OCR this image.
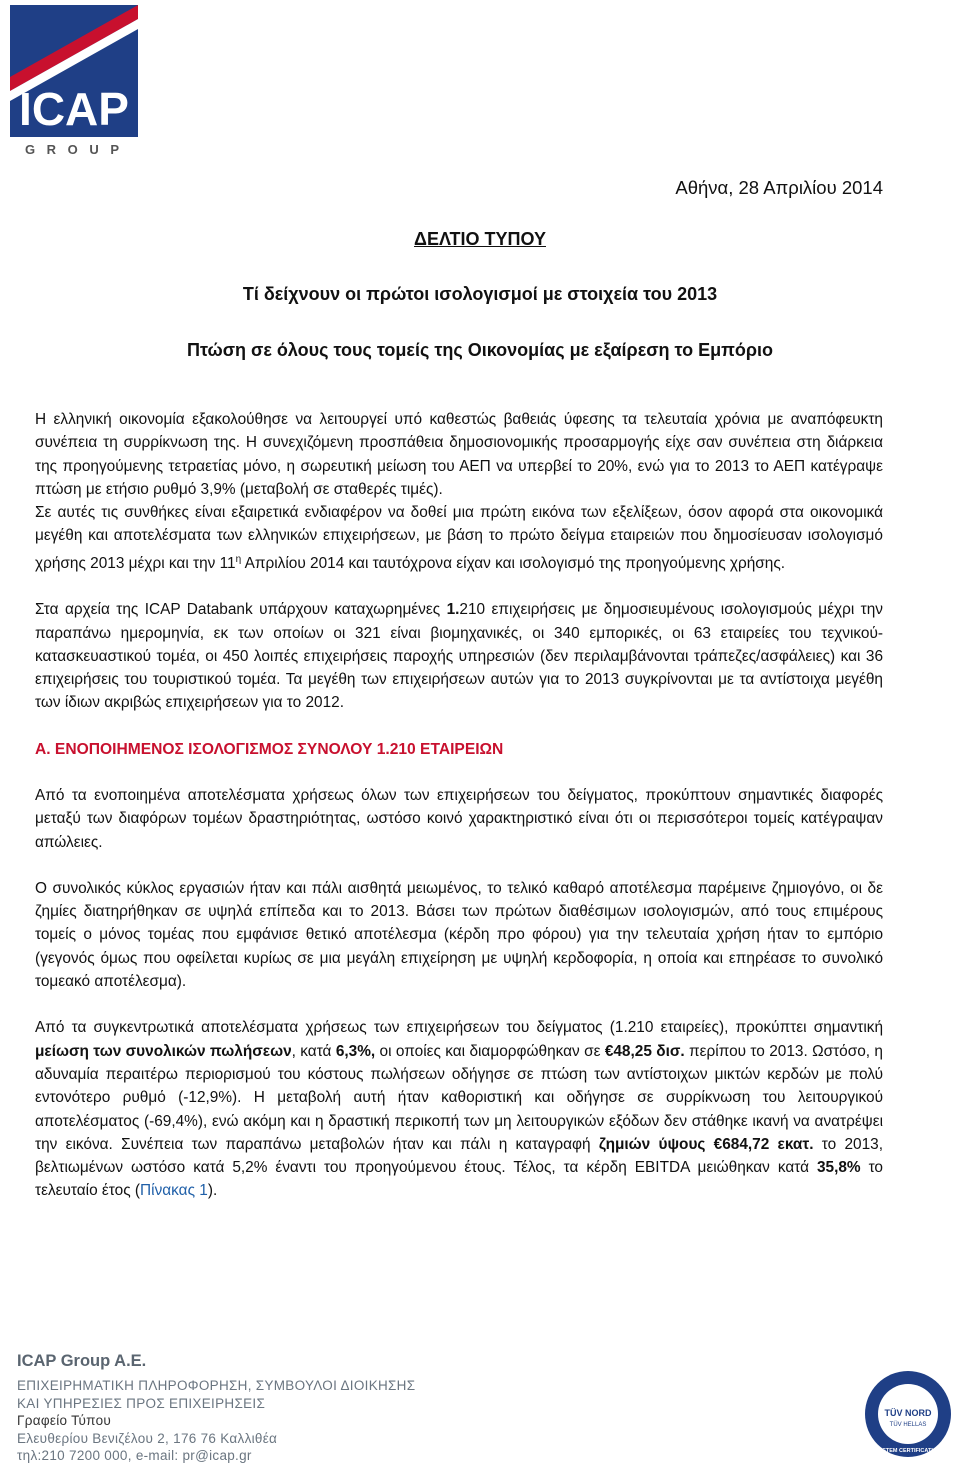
ICAP
G R O U P
Αθήνα, 28 Απριλίου 2014
ΔΕΛΤΙΟ ΤΥΠΟΥ
Τί δείχνουν οι πρώτοι ισολογισμοί με στοιχεία του 2013
Πτώση σε όλους τους τομείς της Οικονομίας με εξαίρεση το Εμπόριο

Η ελληνική οικονομία εξακολούθησε να λειτουργεί υπό καθεστώς βαθειάς ύφεσης τα τελευταία χρόνια με αναπόφευκτη συνέπεια τη συρρίκνωση της. Η συνεχιζόμενη προσπάθεια δημοσιονομικής προσαρμογής είχε σαν συνέπεια στη διάρκεια της προηγούμενης τετραετίας μόνο, η σωρευτική μείωση του ΑΕΠ να υπερβεί το 20%, ενώ για το 2013 το ΑΕΠ κατέγραψε πτώση με ετήσιο ρυθμό 3,9% (μεταβολή σε σταθερές τιμές).

Σε αυτές τις συνθήκες είναι εξαιρετικά ενδιαφέρον να δοθεί μια πρώτη εικόνα των εξελίξεων, όσον αφορά στα οικονομικά μεγέθη και αποτελέσματα των ελληνικών επιχειρήσεων, με βάση το πρώτο δείγμα εταιρειών που δημοσίευσαν ισολογισμό χρήσης 2013 μέχρι και την $11^\eta$ Απριλίου 2014 και ταυτόχρονα είχαν και ισολογισμό της προηγούμενης χρήσης.

Στα αρχεία της ICAP Databank υπάρχουν καταχωρημένες 1.210 επιχειρήσεις με δημοσιευμένους ισολογισμούς μέχρι την παραπάνω ημερομηνία, εκ των οποίων οι 321 είναι βιομηχανικές, οι 340 εμπορικές, οι 63 εταιρείες του τεχνικού-κατασκευαστικού τομέα, οι 450 λοιπές επιχειρήσεις παροχής υπηρεσιών (δεν περιλαμβάνονται τράπεζες/ασφάλειες) και 36 επιχειρήσεις του τουριστικού τομέα. Τα μεγέθη των επιχειρήσεων αυτών για το 2013 συγκρίνονται με τα αντίστοιχα μεγέθη των ίδιων ακριβώς επιχειρήσεων για το 2012.

Α. ΕΝΟΠΟΙΗΜΕΝΟΣ ΙΣΟΛΟΓΙΣΜΟΣ ΣΥΝΟΛΟΥ 1.210 ΕΤΑΙΡΕΙΩΝ

Από τα ενοποιημένα αποτελέσματα χρήσεως όλων των επιχειρήσεων του δείγματος, προκύπτουν σημαντικές διαφορές μεταξύ των διαφόρων τομέων δραστηριότητας, ωστόσο κοινό χαρακτηριστικό είναι ότι οι περισσότεροι τομείς κατέγραψαν απώλειες.

Ο συνολικός κύκλος εργασιών ήταν και πάλι αισθητά μειωμένος, το τελικό καθαρό αποτέλεσμα παρέμεινε ζημιογόνο, οι δε ζημίες διατηρήθηκαν σε υψηλά επίπεδα και το 2013. Βάσει των πρώτων διαθέσιμων ισολογισμών, από τους επιμέρους τομείς ο μόνος τομέας που εμφάνισε θετικό αποτέλεσμα (κέρδη προ φόρου) για την τελευταία χρήση ήταν το εμπόριο (γεγονός όμως που οφείλεται κυρίως σε μια μεγάλη επιχείρηση με υψηλή κερδοφορία, η οποία και επηρέασε το συνολικό τομεακό αποτέλεσμα).

Από τα συγκεντρωτικά αποτελέσματα χρήσεως των επιχειρήσεων του δείγματος (1.210 εταιρείες), προκύπτει σημαντική μείωση των συνολικών πωλήσεων, κατά 6,3%, οι οποίες και διαμορφώθηκαν σε €48,25 δισ. περίπου το 2013. Ωστόσο, η αδυναμία περαιτέρω περιορισμού του κόστους πωλήσεων οδήγησε σε πτώση των αντίστοιχων μικτών κερδών με πολύ εντονότερο ρυθμό (-12,9%). Η μεταβολή αυτή ήταν καθοριστική και οδήγησε σε συρρίκνωση του λειτουργικού αποτελέσματος (-69,4%), ενώ ακόμη και η δραστική περικοπή των μη λειτουργικών εξόδων δεν στάθηκε ικανή να ανατρέψει την εικόνα. Συνέπεια των παραπάνω μεταβολών ήταν και πάλι η καταγραφή ζημιών ύψους €684,72 εκατ. το 2013, βελτιωμένων ωστόσο κατά 5,2% έναντι του προηγούμενου έτους. Τέλος, τα κέρδη EBITDA μειώθηκαν κατά 35,8% το τελευταίο έτος (Πίνακας 1).

ICAP Group A.E.
ΕΠΙΧΕΙΡΗΜΑΤΙΚΗ ΠΛΗΡΟΦΟΡΗΣΗ, ΣΥΜΒΟΥΛΟΙ ΔΙΟΙΚΗΣΗΣ
ΚΑΙ ΥΠΗΡΕΣΙΕΣ ΠΡΟΣ ΕΠΙΧΕΙΡΗΣΕΙΣ
Γραφείο Τύπου
Ελευθερίου Βενιζέλου 2, 176 76 Καλλιθέα
τηλ:210 7200 000, e-mail: pr@icap.gr
ISO 9001
TÜV NORD
TÜV HELLAS
SYSTEM CERTIFICATION
